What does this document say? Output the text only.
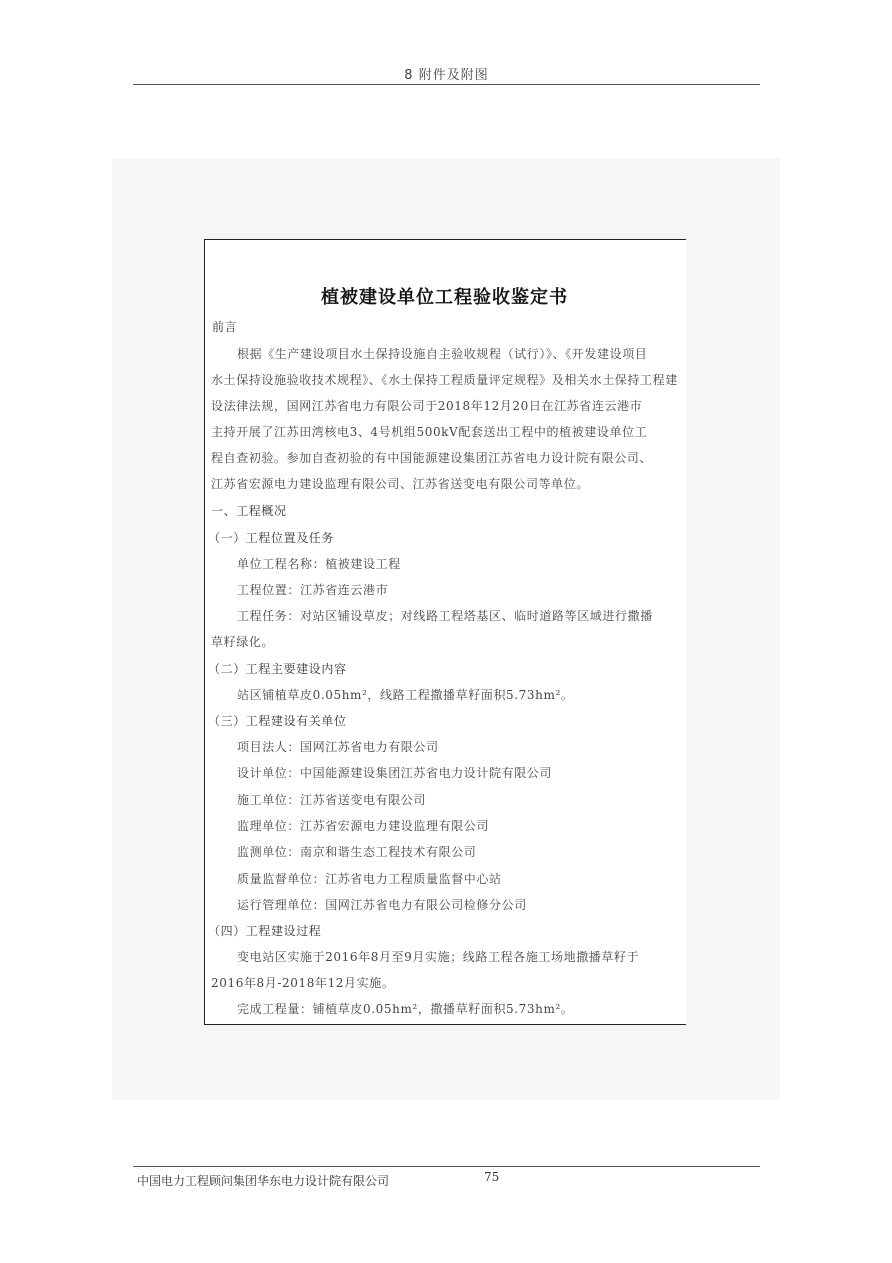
8 附件及附图
植被建设单位工程验收鉴定书
前言
根据《生产建设项目水土保持设施自主验收规程（试行）》、《开发建设项目
水土保持设施验收技术规程》、《水土保持工程质量评定规程》及相关水土保持工程建
设法律法规，国网江苏省电力有限公司于2018年12月20日在江苏省连云港市
主持开展了江苏田湾核电3、4号机组500kV配套送出工程中的植被建设单位工
程自查初验。参加自查初验的有中国能源建设集团江苏省电力设计院有限公司、
江苏省宏源电力建设监理有限公司、江苏省送变电有限公司等单位。
一、工程概况
（一）工程位置及任务
单位工程名称：植被建设工程
工程位置：江苏省连云港市
工程任务：对站区铺设草皮；对线路工程塔基区、临时道路等区域进行撒播
草籽绿化。
（二）工程主要建设内容
站区铺植草皮0.05hm²，线路工程撒播草籽面积5.73hm²。
（三）工程建设有关单位
项目法人：国网江苏省电力有限公司
设计单位：中国能源建设集团江苏省电力设计院有限公司
施工单位：江苏省送变电有限公司
监理单位：江苏省宏源电力建设监理有限公司
监测单位：南京和谐生态工程技术有限公司
质量监督单位：江苏省电力工程质量监督中心站
运行管理单位：国网江苏省电力有限公司检修分公司
（四）工程建设过程
变电站区实施于2016年8月至9月实施；线路工程各施工场地撒播草籽于
2016年8月-2018年12月实施。
完成工程量：铺植草皮0.05hm²，撒播草籽面积5.73hm²。
中国电力工程顾问集团华东电力设计院有限公司	75
